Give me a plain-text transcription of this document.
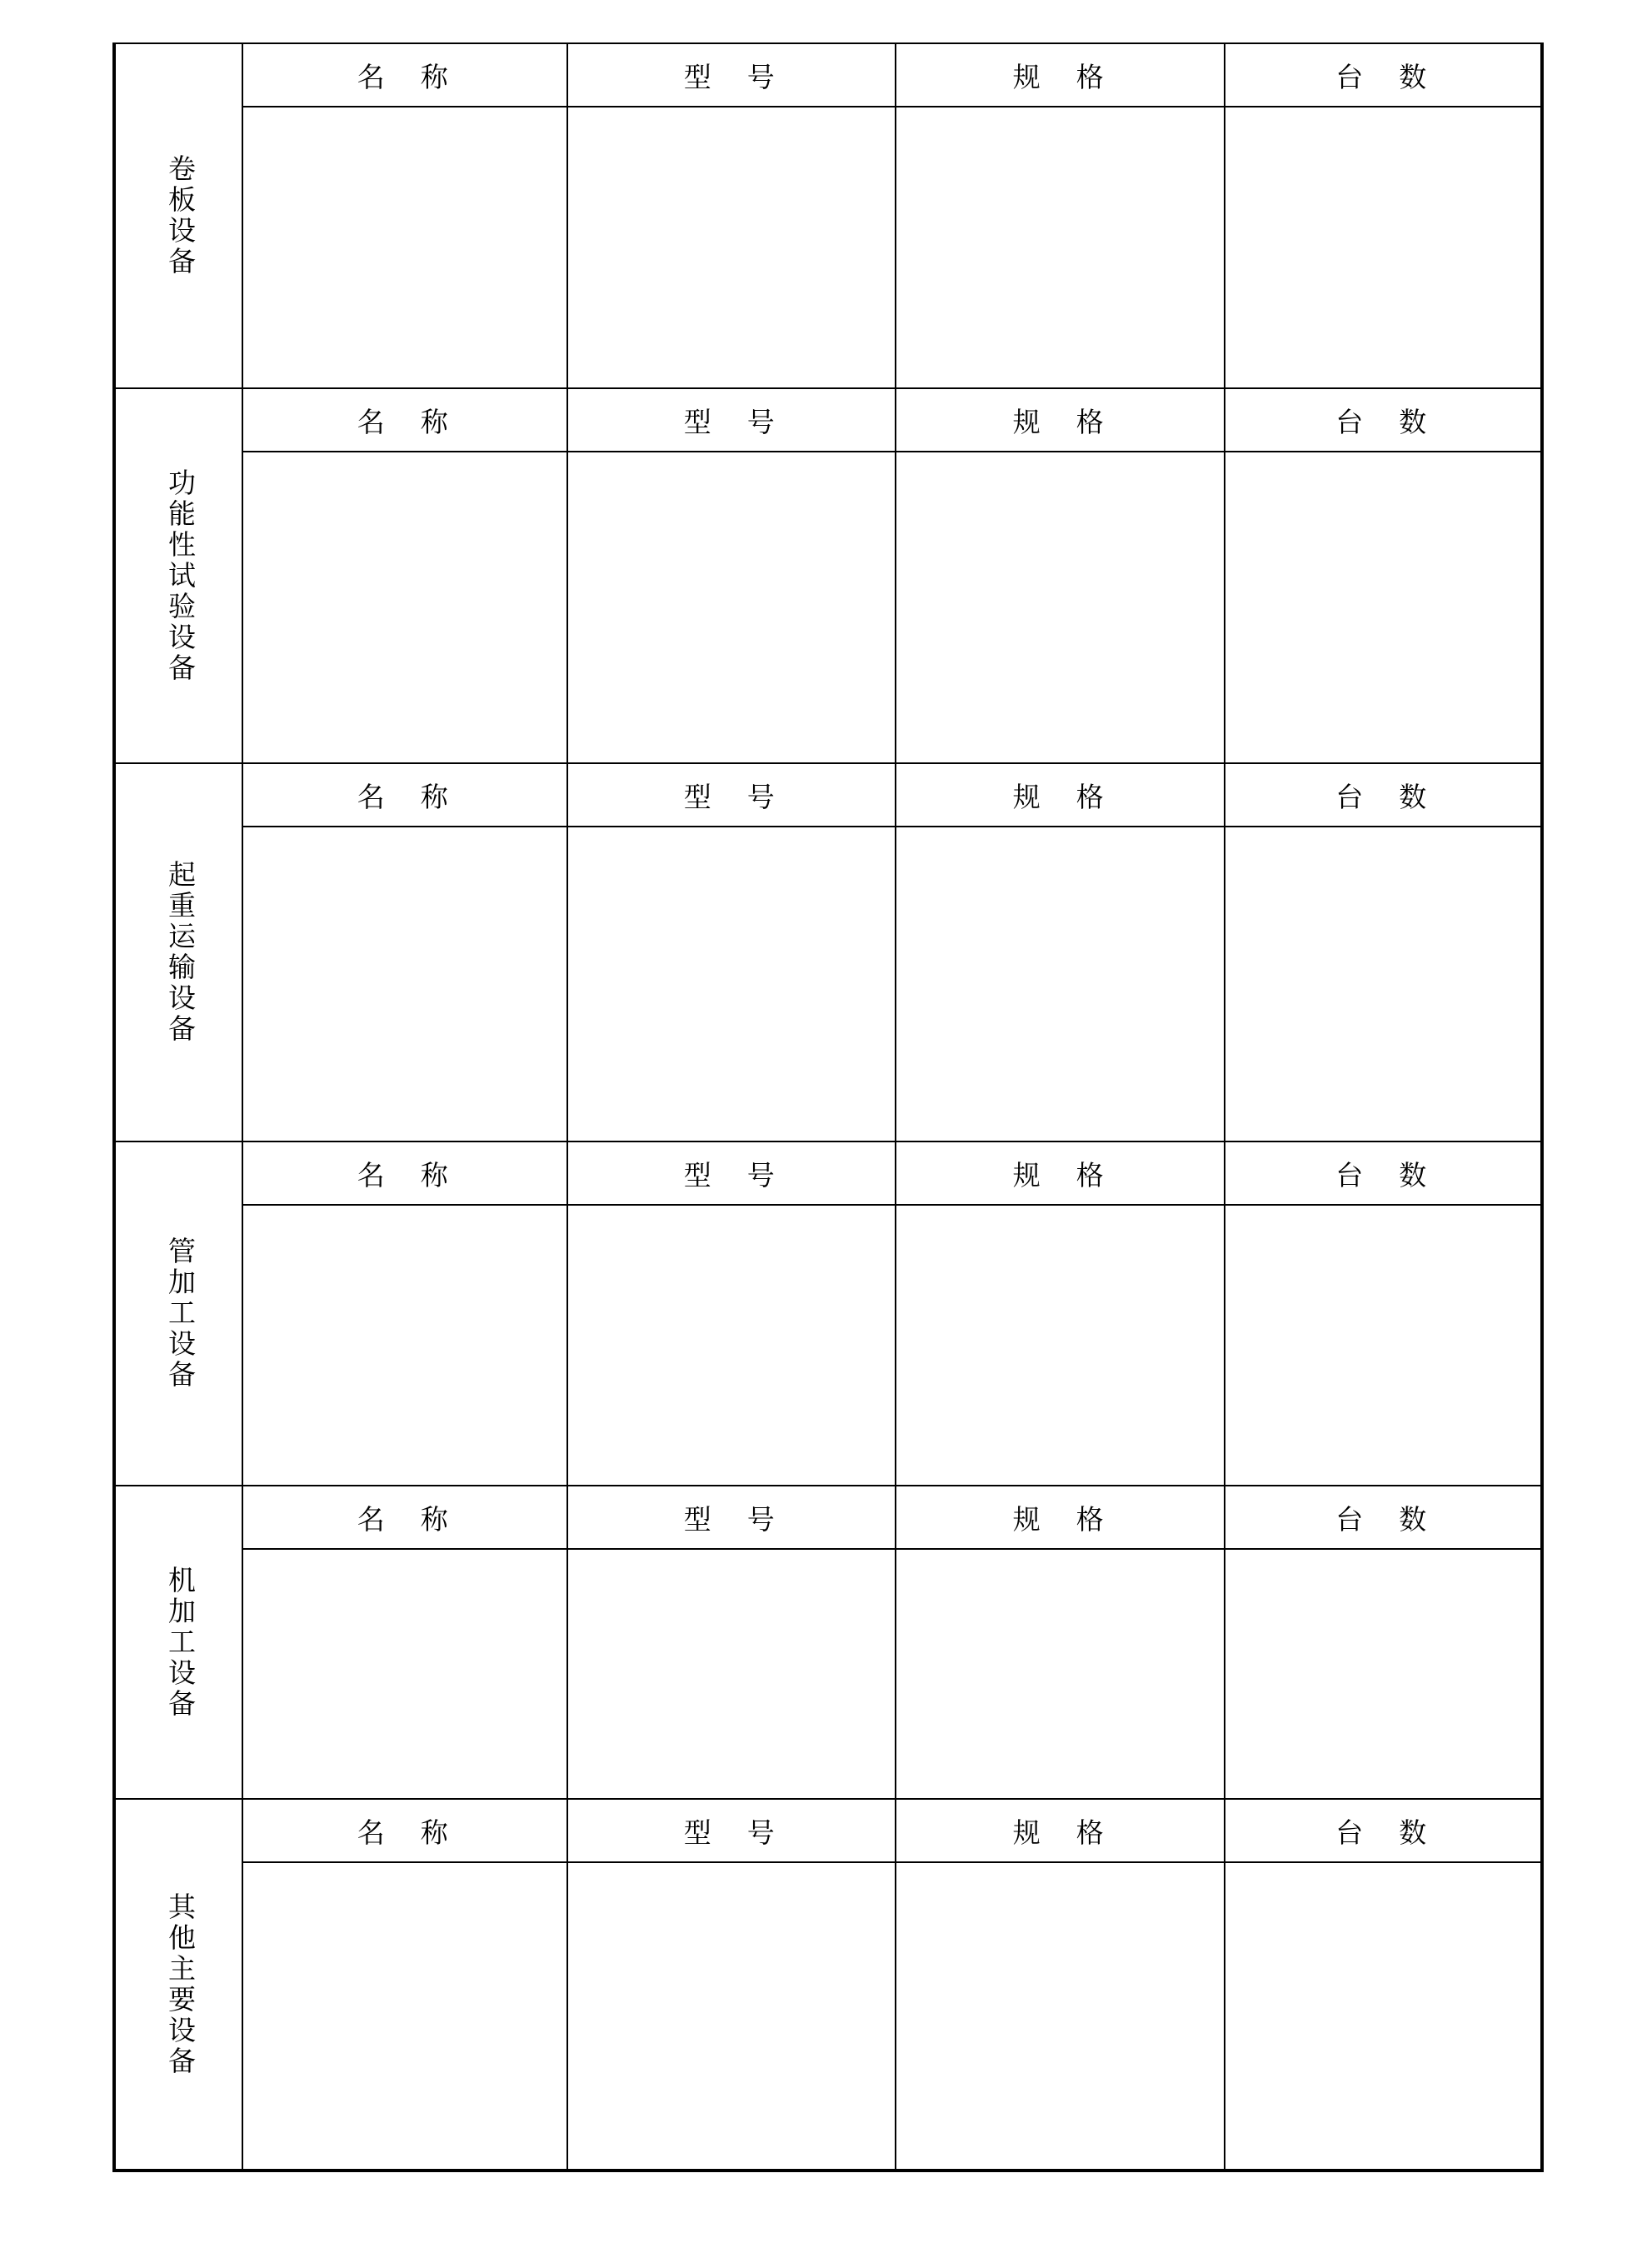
卷板设备
名　称	型　号	规　格	台　数
功能性试验设备
名　称	型　号	规　格	台　数
起重运输设备
名　称	型　号	规　格	台　数
管加工设备
名　称	型　号	规　格	台　数
机加工设备
名　称	型　号	规　格	台　数
其他主要设备
名　称	型　号	规　格	台　数
